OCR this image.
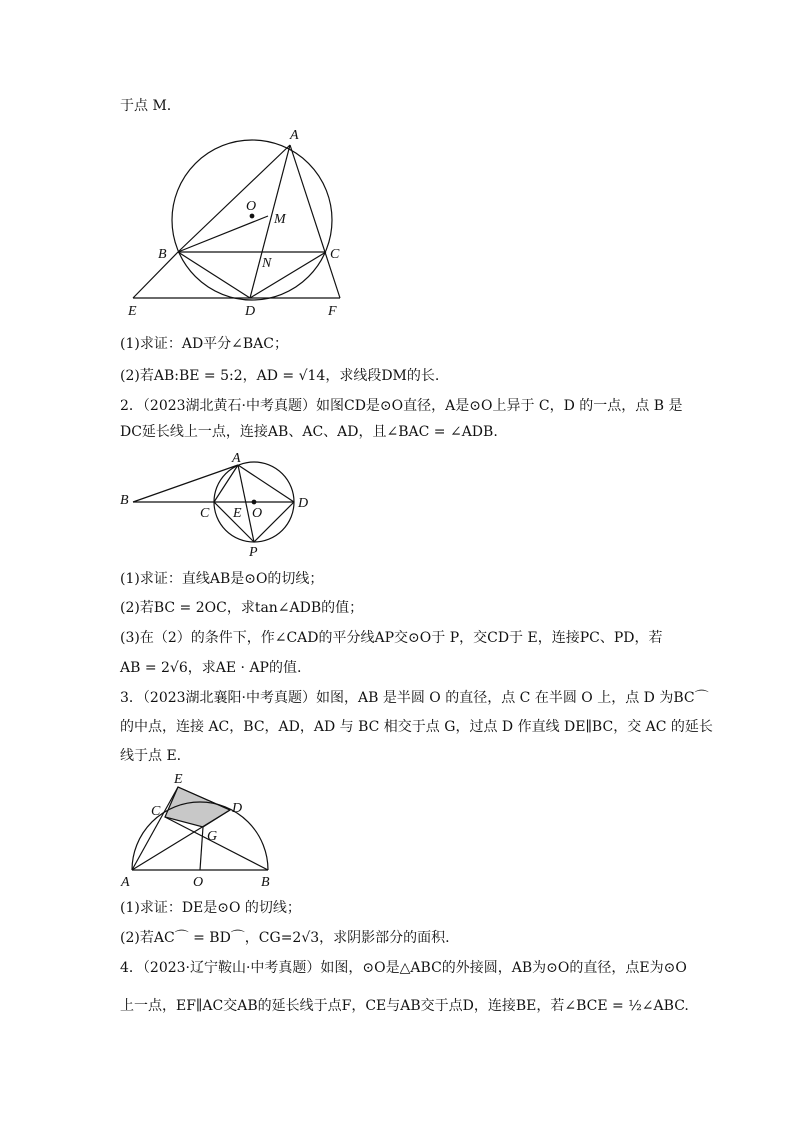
于点 M.
A
O
M
B	C
N
E	D	F
(1)求证：AD平分∠BAC；
(2)若AB:BE = 5:2，AD = √14，求线段DM的长.
2．（2023湖北黄石·中考真题）如图CD是⊙O直径，A是⊙O上异于 C，D 的一点，点 B 是
DC延长线上一点，连接AB、AC、AD，且∠BAC = ∠ADB.
A
B
C E O
D
P
(1)求证：直线AB是⊙O的切线；
(2)若BC = 2OC，求tan∠ADB的值；
(3)在（2）的条件下，作∠CAD的平分线AP交⊙O于 P，交CD于 E，连接PC、PD，若
AB = 2√6，求AE · AP的值.
3．（2023湖北襄阳·中考真题）如图，AB 是半圆 O 的直径，点 C 在半圆 O 上，点 D 为BC⌒
的中点，连接 AC，BC，AD，AD 与 BC 相交于点 G，过点 D 作直线 DE∥BC，交 AC 的延长
线于点 E.
E
C	D
G
A	O	B
(1)求证：DE是⊙O 的切线；
(2)若AC⌒ = BD⌒，CG=2√3，求阴影部分的面积.
4．（2023·辽宁鞍山·中考真题）如图，⊙O是△ABC的外接圆，AB为⊙O的直径，点E为⊙O
上一点，EF∥AC交AB的延长线于点F，CE与AB交于点D，连接BE，若∠BCE = ½∠ABC.
